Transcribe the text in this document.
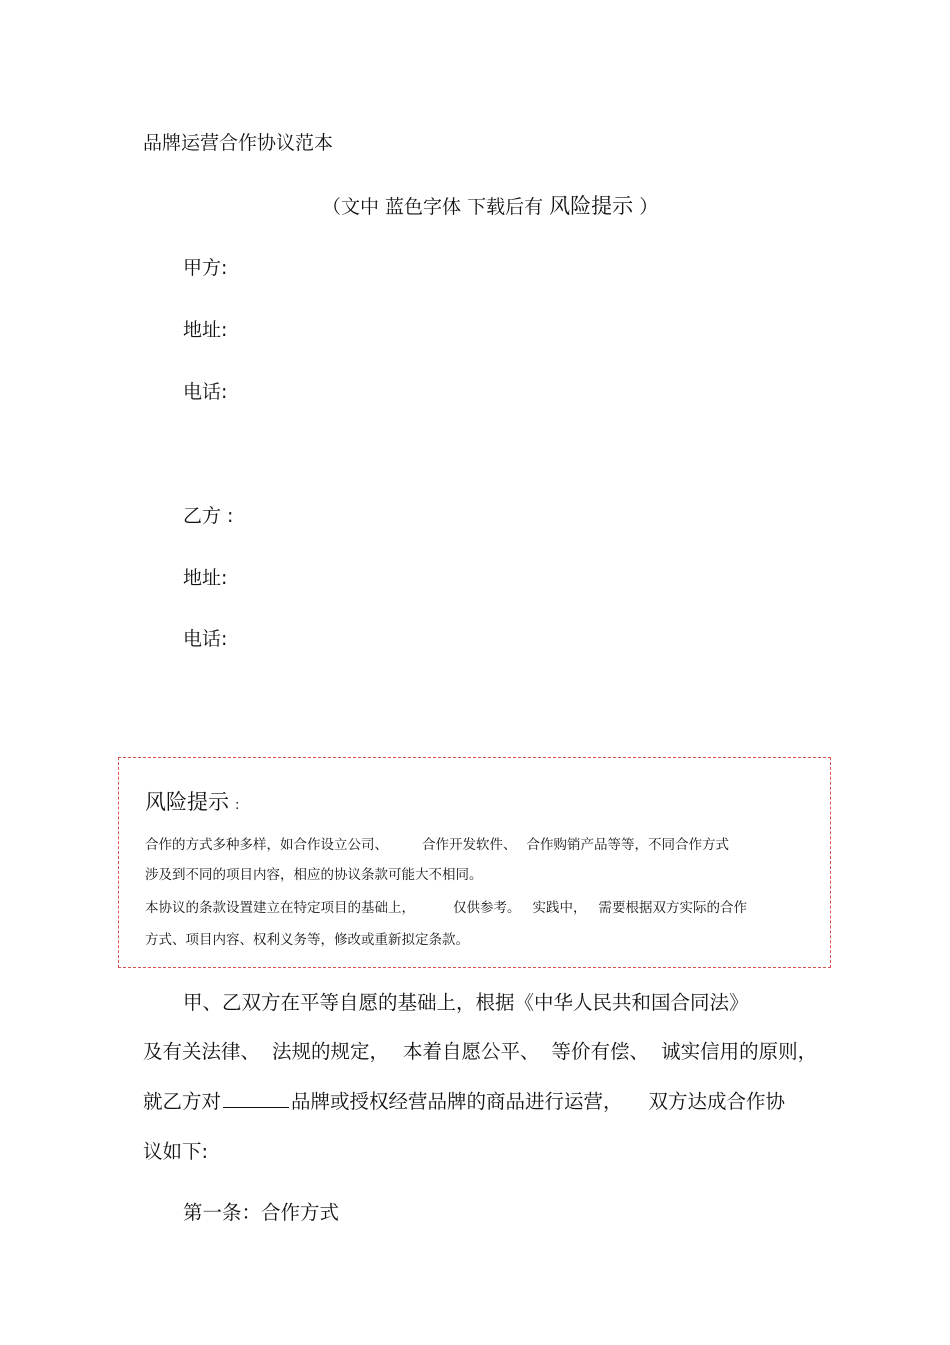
品牌运营合作协议范本
（文中 蓝色字体 下载后有 风险提示 ）
甲方:
地址:
电话:
乙方 :
地址:
电话:
风险提示 :
合作的方式多种多样，如合作设立公司、	合作开发软件、 合作购销产品等等，不同合作方式
涉及到不同的项目内容，相应的协议条款可能大不相同。
本协议的条款设置建立在特定项目的基础上，	仅供参考。 实践中， 需要根据双方实际的合作
方式、项目内容、权利义务等，修改或重新拟定条款。
甲、乙双方在平等自愿的基础上，根据《中华人民共和国合同法》
及有关法律、 法规的规定， 本着自愿公平、 等价有偿、 诚实信用的原则，
就乙方对	品牌或授权经营品牌的商品进行运营， 双方达成合作协
议如下:
第一条：合作方式
